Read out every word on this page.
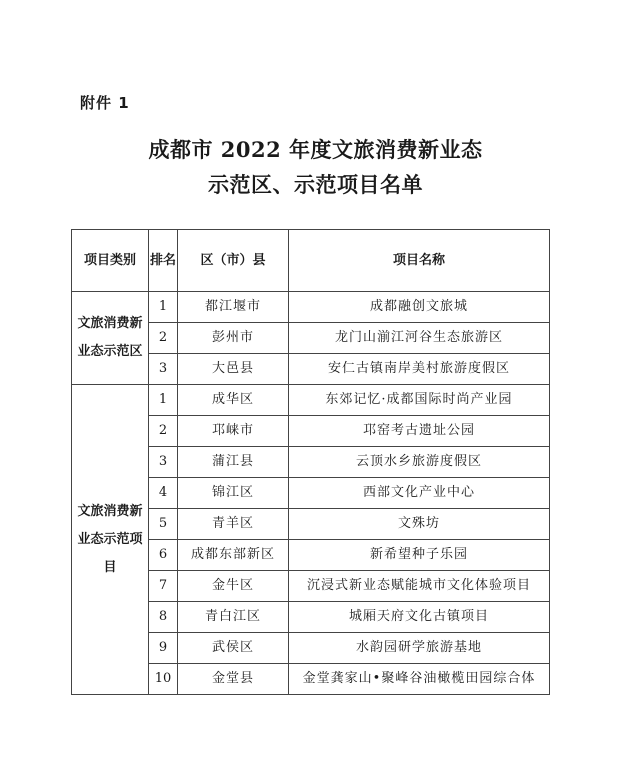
附件 1
成都市 2022 年度文旅消费新业态
示范区、示范项目名单
项目类别	排名	区（市）县	项目名称
文旅消费新业态示范区	1	都江堰市	成都融创文旅城
	2	彭州市	龙门山湔江河谷生态旅游区
	3	大邑县	安仁古镇南岸美村旅游度假区
文旅消费新业态示范项目	1	成华区	东郊记忆·成都国际时尚产业园
	2	邛崃市	邛窑考古遗址公园
	3	蒲江县	云顶水乡旅游度假区
	4	锦江区	西部文化产业中心
	5	青羊区	文殊坊
	6	成都东部新区	新希望种子乐园
	7	金牛区	沉浸式新业态赋能城市文化体验项目
	8	青白江区	城厢天府文化古镇项目
	9	武侯区	水韵园研学旅游基地
	10	金堂县	金堂龚家山•聚峰谷油橄榄田园综合体
